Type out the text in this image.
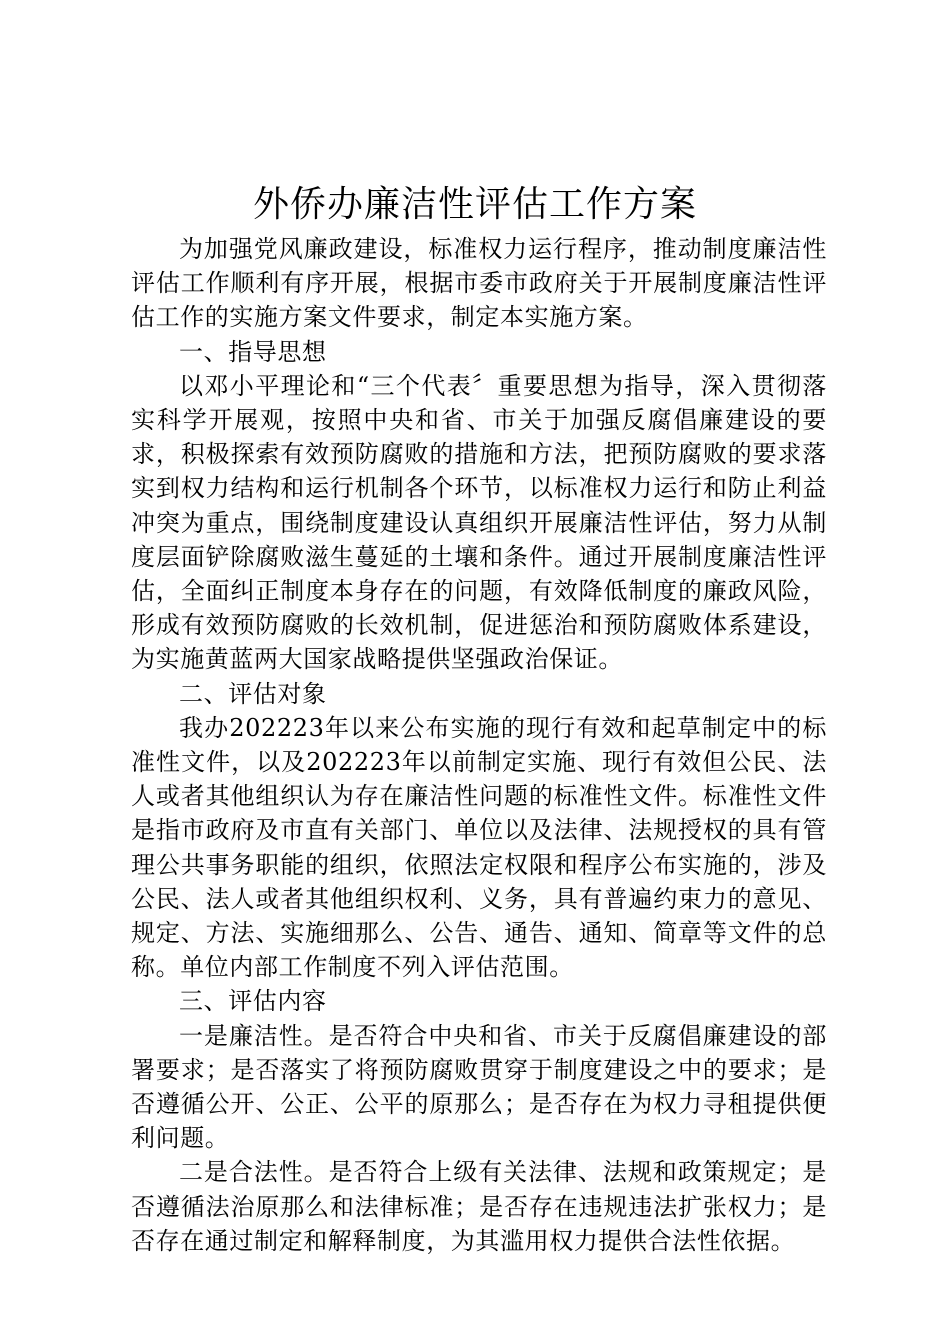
外侨办廉洁性评估工作方案

为加强党风廉政建设，标准权力运行程序，推动制度廉洁性评估工作顺利有序开展，根据市委市政府关于开展制度廉洁性评估工作的实施方案文件要求，制定本实施方案。

一、指导思想

以邓小平理论和“三个代表〞重要思想为指导，深入贯彻落实科学开展观，按照中央和省、市关于加强反腐倡廉建设的要求，积极探索有效预防腐败的措施和方法，把预防腐败的要求落实到权力结构和运行机制各个环节，以标准权力运行和防止利益冲突为重点，围绕制度建设认真组织开展廉洁性评估，努力从制度层面铲除腐败滋生蔓延的土壤和条件。通过开展制度廉洁性评估，全面纠正制度本身存在的问题，有效降低制度的廉政风险，形成有效预防腐败的长效机制，促进惩治和预防腐败体系建设，为实施黄蓝两大国家战略提供坚强政治保证。

二、评估对象

我办202223年以来公布实施的现行有效和起草制定中的标准性文件，以及202223年以前制定实施、现行有效但公民、法人或者其他组织认为存在廉洁性问题的标准性文件。标准性文件是指市政府及市直有关部门、单位以及法律、法规授权的具有管理公共事务职能的组织，依照法定权限和程序公布实施的，涉及公民、法人或者其他组织权利、义务，具有普遍约束力的意见、规定、方法、实施细那么、公告、通告、通知、简章等文件的总称。单位内部工作制度不列入评估范围。

三、评估内容

一是廉洁性。是否符合中央和省、市关于反腐倡廉建设的部署要求；是否落实了将预防腐败贯穿于制度建设之中的要求；是否遵循公开、公正、公平的原那么；是否存在为权力寻租提供便利问题。

二是合法性。是否符合上级有关法律、法规和政策规定；是否遵循法治原那么和法律标准；是否存在违规违法扩张权力；是否存在通过制定和解释制度，为其滥用权力提供合法性依据。
